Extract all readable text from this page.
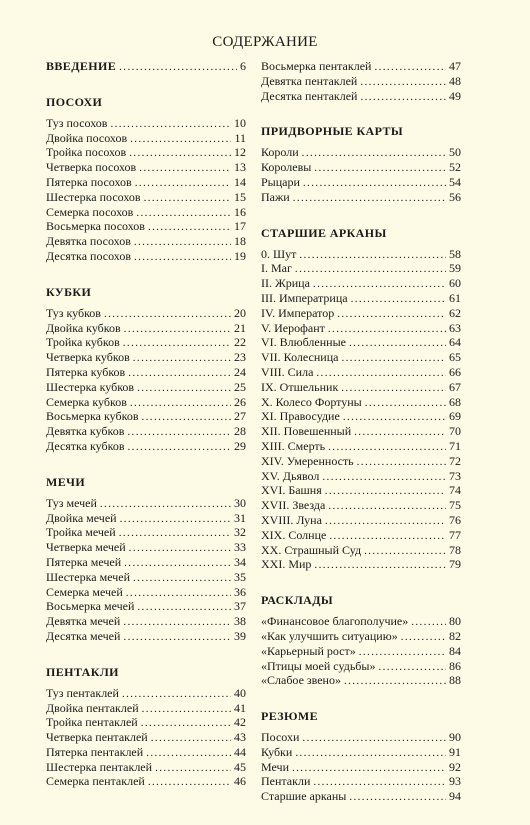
СОДЕРЖАНИЕ
ВВЕДЕНИЕ .....	6
ПОСОХИ
Туз посохов .....	10
Двойка посохов .....	11
Тройка посохов .....	12
Четверка посохов .....	13
Пятерка посохов .....	14
Шестерка посохов .....	15
Семерка посохов .....	16
Восьмерка посохов .....	17
Девятка посохов .....	18
Десятка посохов .....	19
КУБКИ
Туз кубков .....	20
Двойка кубков .....	21
Тройка кубков .....	22
Четверка кубков .....	23
Пятерка кубков .....	24
Шестерка кубков .....	25
Семерка кубков .....	26
Восьмерка кубков .....	27
Девятка кубков .....	28
Десятка кубков .....	29
МЕЧИ
Туз мечей .....	30
Двойка мечей .....	31
Тройка мечей .....	32
Четверка мечей .....	33
Пятерка мечей .....	34
Шестерка мечей .....	35
Семерка мечей .....	36
Восьмерка мечей .....	37
Девятка мечей .....	38
Десятка мечей .....	39
ПЕНТАКЛИ
Туз пентаклей .....	40
Двойка пентаклей .....	41
Тройка пентаклей .....	42
Четверка пентаклей .....	43
Пятерка пентаклей .....	44
Шестерка пентаклей .....	45
Семерка пентаклей .....	46
Восьмерка пентаклей .....	47
Девятка пентаклей .....	48
Десятка пентаклей .....	49
ПРИДВОРНЫЕ КАРТЫ
Короли .....	50
Королевы .....	52
Рыцари .....	54
Пажи .....	56
СТАРШИЕ АРКАНЫ
0. Шут .....	58
I. Маг .....	59
II. Жрица .....	60
III. Императрица .....	61
IV. Император .....	62
V. Иерофант .....	63
VI. Влюбленные .....	64
VII. Колесница .....	65
VIII. Сила .....	66
IX. Отшельник .....	67
X. Колесо Фортуны .....	68
XI. Правосудие .....	69
XII. Повешенный .....	70
XIII. Смерть .....	71
XIV. Умеренность .....	72
XV. Дьявол .....	73
XVI. Башня .....	74
XVII. Звезда .....	75
XVIII. Луна .....	76
XIX. Солнце .....	77
XX. Страшный Суд .....	78
XXI. Мир .....	79
РАСКЛАДЫ
«Финансовое благополучие» .....	80
«Как улучшить ситуацию» .....	82
«Карьерный рост» .....	84
«Птицы моей судьбы» .....	86
«Слабое звено» .....	88
РЕЗЮМЕ
Посохи .....	90
Кубки .....	91
Мечи .....	92
Пентакли .....	93
Старшие арканы .....	94
